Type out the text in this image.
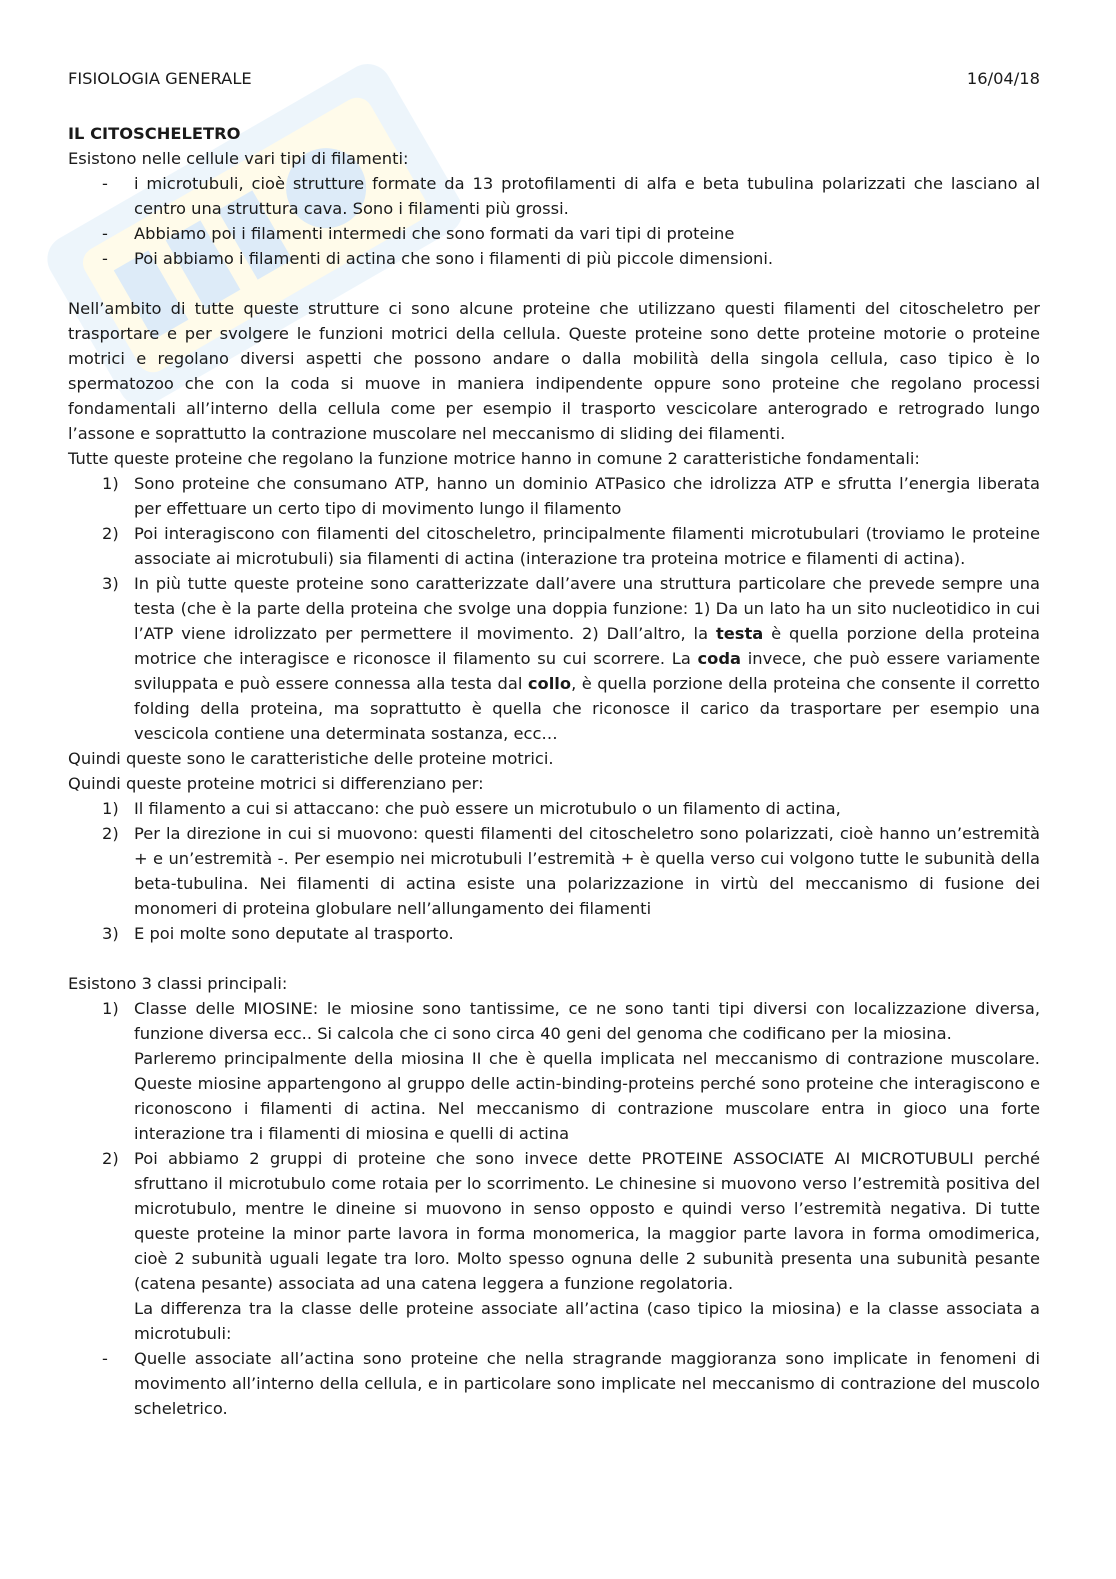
FISIOLOGIA GENERALE	16/04/18

IL CITOSCHELETRO

Esistono nelle cellule vari tipi di filamenti:

- i microtubuli, cioè strutture formate da 13 protofilamenti di alfa e beta tubulina polarizzati che lasciano al centro una struttura cava. Sono i filamenti più grossi.
- Abbiamo poi i filamenti intermedi che sono formati da vari tipi di proteine
- Poi abbiamo i filamenti di actina che sono i filamenti di più piccole dimensioni.

Nell’ambito di tutte queste strutture ci sono alcune proteine che utilizzano questi filamenti del citoscheletro per trasportare e per svolgere le funzioni motrici della cellula. Queste proteine sono dette proteine motorie o proteine motrici e regolano diversi aspetti che possono andare o dalla mobilità della singola cellula, caso tipico è lo spermatozoo che con la coda si muove in maniera indipendente oppure sono proteine che regolano processi fondamentali all’interno della cellula come per esempio il trasporto vescicolare anterogrado e retrogrado lungo l’assone e soprattutto la contrazione muscolare nel meccanismo di sliding dei filamenti.

Tutte queste proteine che regolano la funzione motrice hanno in comune 2 caratteristiche fondamentali:

1) Sono proteine che consumano ATP, hanno un dominio ATPasico che idrolizza ATP e sfrutta l’energia liberata per effettuare un certo tipo di movimento lungo il filamento
2) Poi interagiscono con filamenti del citoscheletro, principalmente filamenti microtubulari (troviamo le proteine associate ai microtubuli) sia filamenti di actina (interazione tra proteina motrice e filamenti di actina).
3) In più tutte queste proteine sono caratterizzate dall’avere una struttura particolare che prevede sempre una testa (che è la parte della proteina che svolge una doppia funzione: 1) Da un lato ha un sito nucleotidico in cui l’ATP viene idrolizzato per permettere il movimento. 2) Dall’altro, la testa è quella porzione della proteina motrice che interagisce e riconosce il filamento su cui scorrere. La coda invece, che può essere variamente sviluppata e può essere connessa alla testa dal collo, è quella porzione della proteina che consente il corretto folding della proteina, ma soprattutto è quella che riconosce il carico da trasportare per esempio una vescicola contiene una determinata sostanza, ecc…

Quindi queste sono le caratteristiche delle proteine motrici.

Quindi queste proteine motrici si differenziano per:

1) Il filamento a cui si attaccano: che può essere un microtubulo o un filamento di actina,
2) Per la direzione in cui si muovono: questi filamenti del citoscheletro sono polarizzati, cioè hanno un’estremità + e un’estremità -. Per esempio nei microtubuli l’estremità + è quella verso cui volgono tutte le subunità della beta-tubulina. Nei filamenti di actina esiste una polarizzazione in virtù del meccanismo di fusione dei monomeri di proteina globulare nell’allungamento dei filamenti
3) E poi molte sono deputate al trasporto.

Esistono 3 classi principali:

1) Classe delle MIOSINE: le miosine sono tantissime, ce ne sono tanti tipi diversi con localizzazione diversa, funzione diversa ecc.. Si calcola che ci sono circa 40 geni del genoma che codificano per la miosina.
Parleremo principalmente della miosina II che è quella implicata nel meccanismo di contrazione muscolare. Queste miosine appartengono al gruppo delle actin-binding-proteins perché sono proteine che interagiscono e riconoscono i filamenti di actina. Nel meccanismo di contrazione muscolare entra in gioco una forte interazione tra i filamenti di miosina e quelli di actina
2) Poi abbiamo 2 gruppi di proteine che sono invece dette PROTEINE ASSOCIATE AI MICROTUBULI perché sfruttano il microtubulo come rotaia per lo scorrimento. Le chinesine si muovono verso l’estremità positiva del microtubulo, mentre le dineine si muovono in senso opposto e quindi verso l’estremità negativa. Di tutte queste proteine la minor parte lavora in forma monomerica, la maggior parte lavora in forma omodimerica, cioè 2 subunità uguali legate tra loro. Molto spesso ognuna delle 2 subunità presenta una subunità pesante (catena pesante) associata ad una catena leggera a funzione regolatoria.
La differenza tra la classe delle proteine associate all’actina (caso tipico la miosina) e la classe associata a microtubuli:
- Quelle associate all’actina sono proteine che nella stragrande maggioranza sono implicate in fenomeni di movimento all’interno della cellula, e in particolare sono implicate nel meccanismo di contrazione del muscolo scheletrico.
